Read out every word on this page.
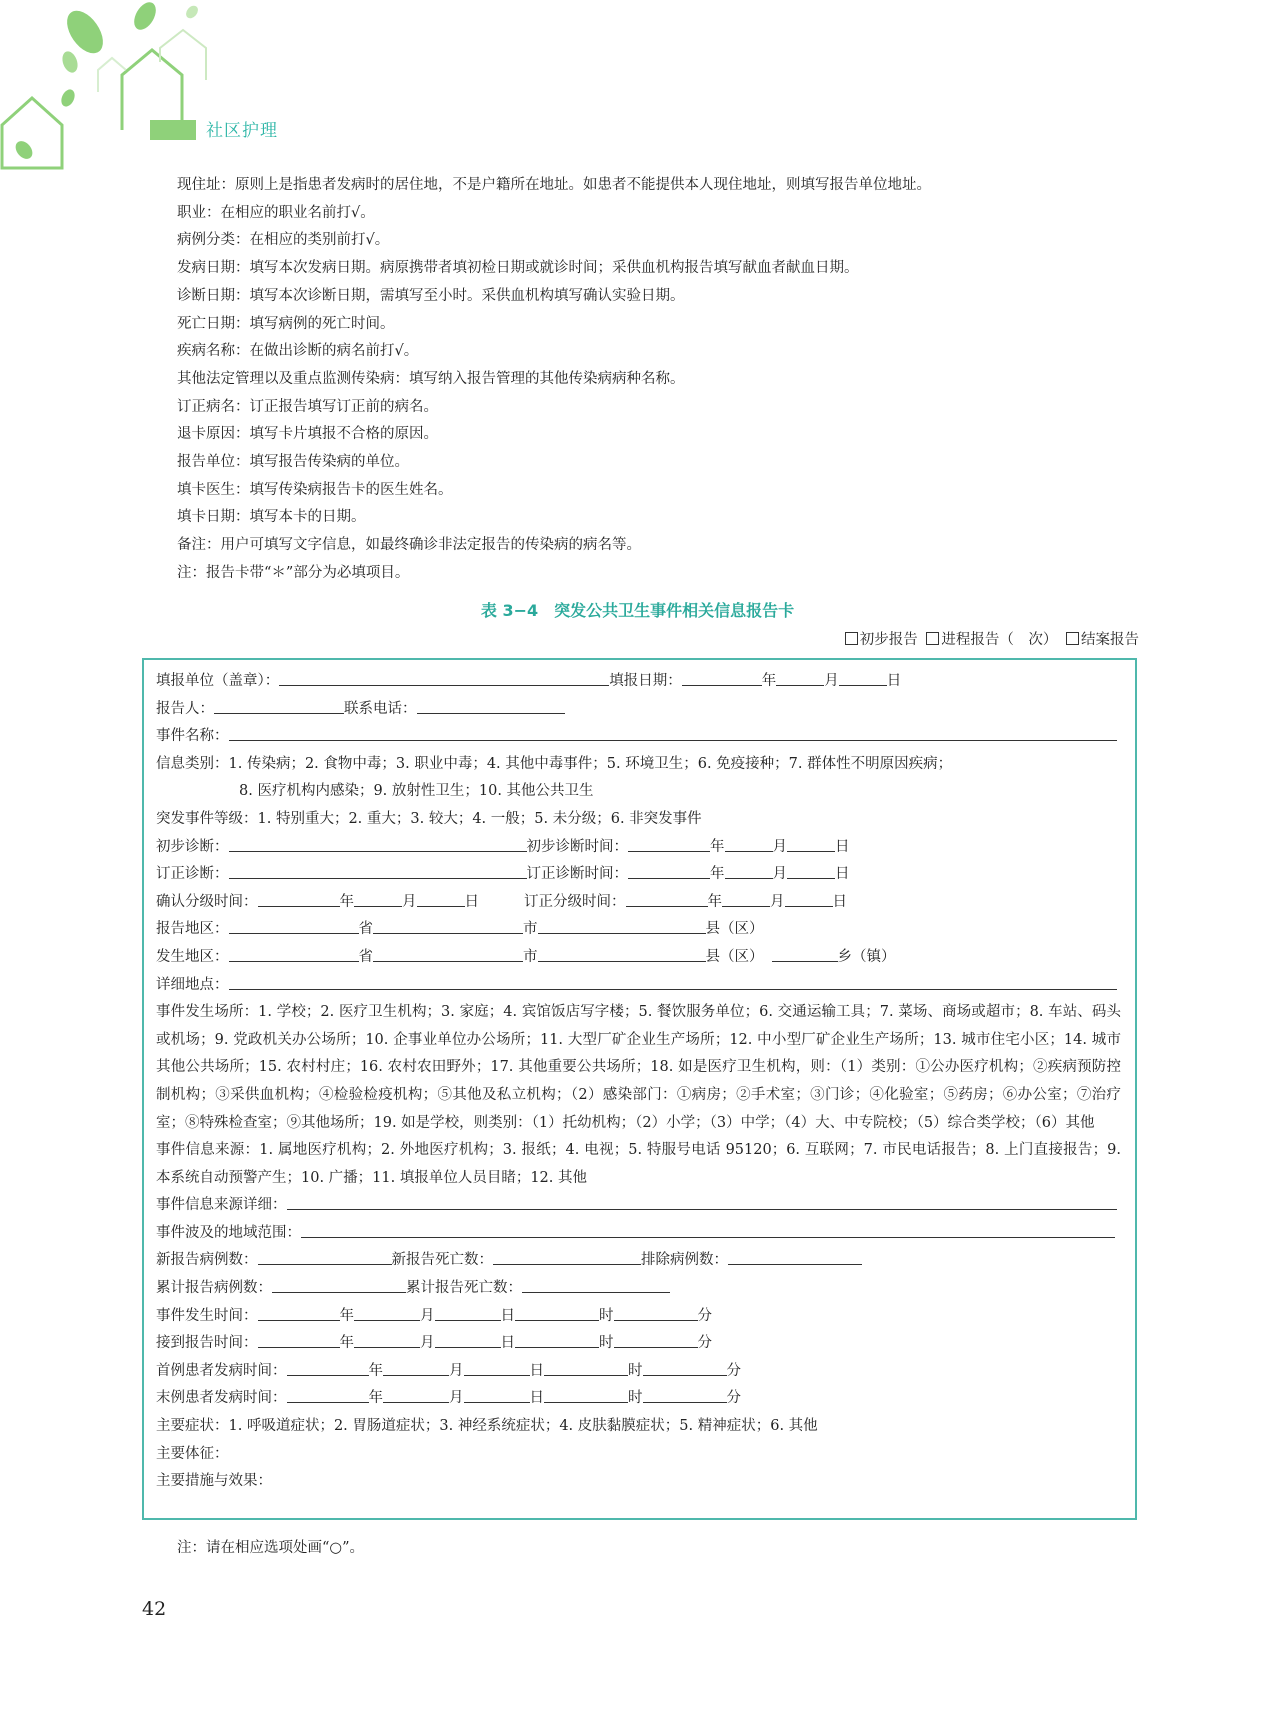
社区护理
现住址：原则上是指患者发病时的居住地，不是户籍所在地址。如患者不能提供本人现住地址，则填写报告单位地址。
职业：在相应的职业名前打√。
病例分类：在相应的类别前打√。
发病日期：填写本次发病日期。病原携带者填初检日期或就诊时间；采供血机构报告填写献血者献血日期。
诊断日期：填写本次诊断日期，需填写至小时。采供血机构填写确认实验日期。
死亡日期：填写病例的死亡时间。
疾病名称：在做出诊断的病名前打√。
其他法定管理以及重点监测传染病：填写纳入报告管理的其他传染病病种名称。
订正病名：订正报告填写订正前的病名。
退卡原因：填写卡片填报不合格的原因。
报告单位：填写报告传染病的单位。
填卡医生：填写传染病报告卡的医生姓名。
填卡日期：填写本卡的日期。
备注：用户可填写文字信息，如最终确诊非法定报告的传染病的病名等。
注：报告卡带“＊”部分为必填项目。
表 3−4　突发公共卫生事件相关信息报告卡
初步报告 进程报告（　次） 结案报告
填报单位（盖章）：	填报日期：	年	月	日
报告人：	联系电话：
事件名称：
信息类别：1. 传染病；2. 食物中毒；3. 职业中毒；4. 其他中毒事件；5. 环境卫生；6. 免疫接种；7. 群体性不明原因疾病；
8. 医疗机构内感染；9. 放射性卫生；10. 其他公共卫生
突发事件等级：1. 特别重大；2. 重大；3. 较大；4. 一般；5. 未分级；6. 非突发事件
初步诊断：	初步诊断时间：	年	月	日
订正诊断：	订正诊断时间：	年	月	日
确认分级时间：	年	月	日	订正分级时间：	年	月	日
报告地区：	省	市	县（区）
发生地区：	省	市	县（区）	乡（镇）
详细地点：
事件发生场所：1. 学校；2. 医疗卫生机构；3. 家庭；4. 宾馆饭店写字楼；5. 餐饮服务单位；6. 交通运输工具；7. 菜场、商场或超市；8. 车站、码头或机场；9. 党政机关办公场所；10. 企事业单位办公场所；11. 大型厂矿企业生产场所；12. 中小型厂矿企业生产场所；13. 城市住宅小区；14. 城市其他公共场所；15. 农村村庄；16. 农村农田野外；17. 其他重要公共场所；18. 如是医疗卫生机构，则：（1）类别：①公办医疗机构；②疾病预防控制机构；③采供血机构；④检验检疫机构；⑤其他及私立机构；（2）感染部门：①病房；②手术室；③门诊；④化验室；⑤药房；⑥办公室；⑦治疗室；⑧特殊检查室；⑨其他场所；19. 如是学校，则类别：（1）托幼机构；（2）小学；（3）中学；（4）大、中专院校；（5）综合类学校；（6）其他
事件信息来源：1. 属地医疗机构；2. 外地医疗机构；3. 报纸；4. 电视；5. 特服号电话 95120；6. 互联网；7. 市民电话报告；8. 上门直接报告；9. 本系统自动预警产生；10. 广播；11. 填报单位人员目睹；12. 其他
事件信息来源详细：
事件波及的地域范围：
新报告病例数：	新报告死亡数：	排除病例数：
累计报告病例数：	累计报告死亡数：
事件发生时间：	年	月	日	时	分
接到报告时间：	年	月	日	时	分
首例患者发病时间：	年	月	日	时	分
末例患者发病时间：	年	月	日	时	分
主要症状：1. 呼吸道症状；2. 胃肠道症状；3. 神经系统症状；4. 皮肤黏膜症状；5. 精神症状；6. 其他
主要体征：
主要措施与效果：
注：请在相应选项处画“○”。
42
